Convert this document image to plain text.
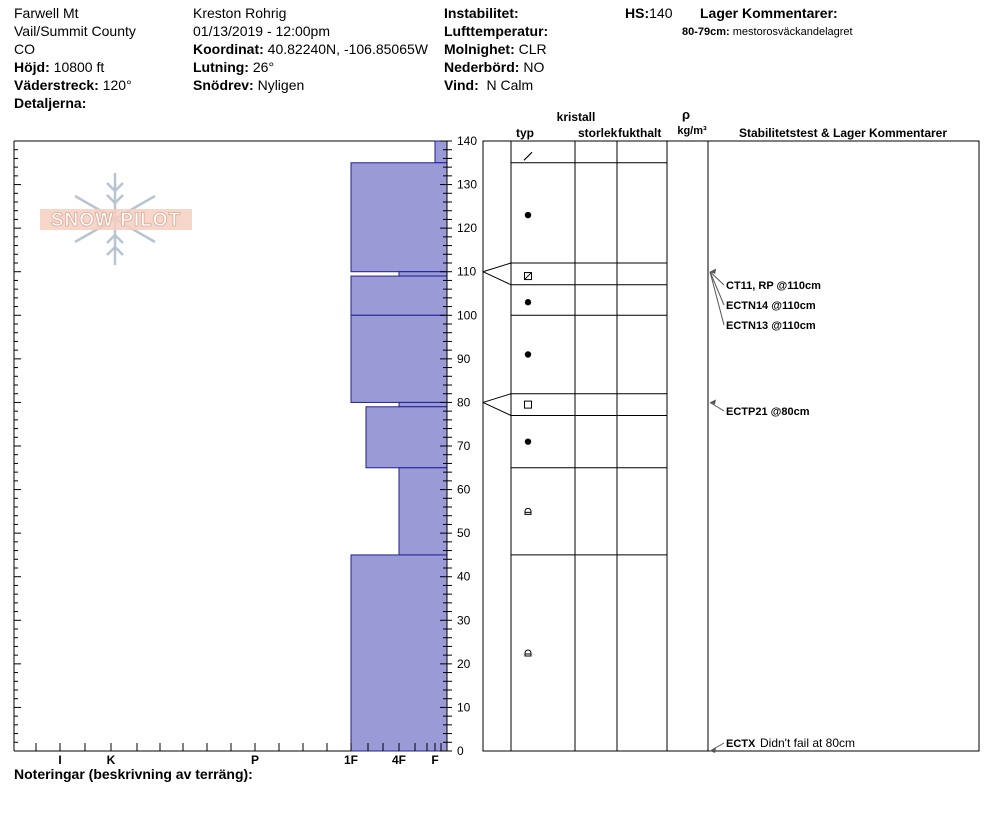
Farwell Mt
Vail/Summit County
CO
Höjd: 10800 ft
Väderstreck: 120°
Detaljerna:
Kreston Rohrig
01/13/2019 - 12:00pm
Koordinat: 40.82240N, -106.85065W
Lutning: 26°
Snödrev: Nyligen
Instabilitet:
Lufttemperatur:
Molnighet: CLR
Nederbörd: NO
Vind: N Calm
HS:140 Lager Kommentarer:
80-79cm: mestorosväckandelagret
SNOW PILOT
kristall
typ	storlek fukthalt
ρ
kg/m³	Stabilitetstest & Lager Kommentarer
I	K	P	1F	4F F
0
10
20
30
40
50
60
70
80
90
100
110
120
130
140
CT11, RP @110cm
ECTN14 @110cm
ECTN13 @110cm
ECTP21 @80cm
ECTX Didn't fail at 80cm
Noteringar (beskrivning av terräng):
